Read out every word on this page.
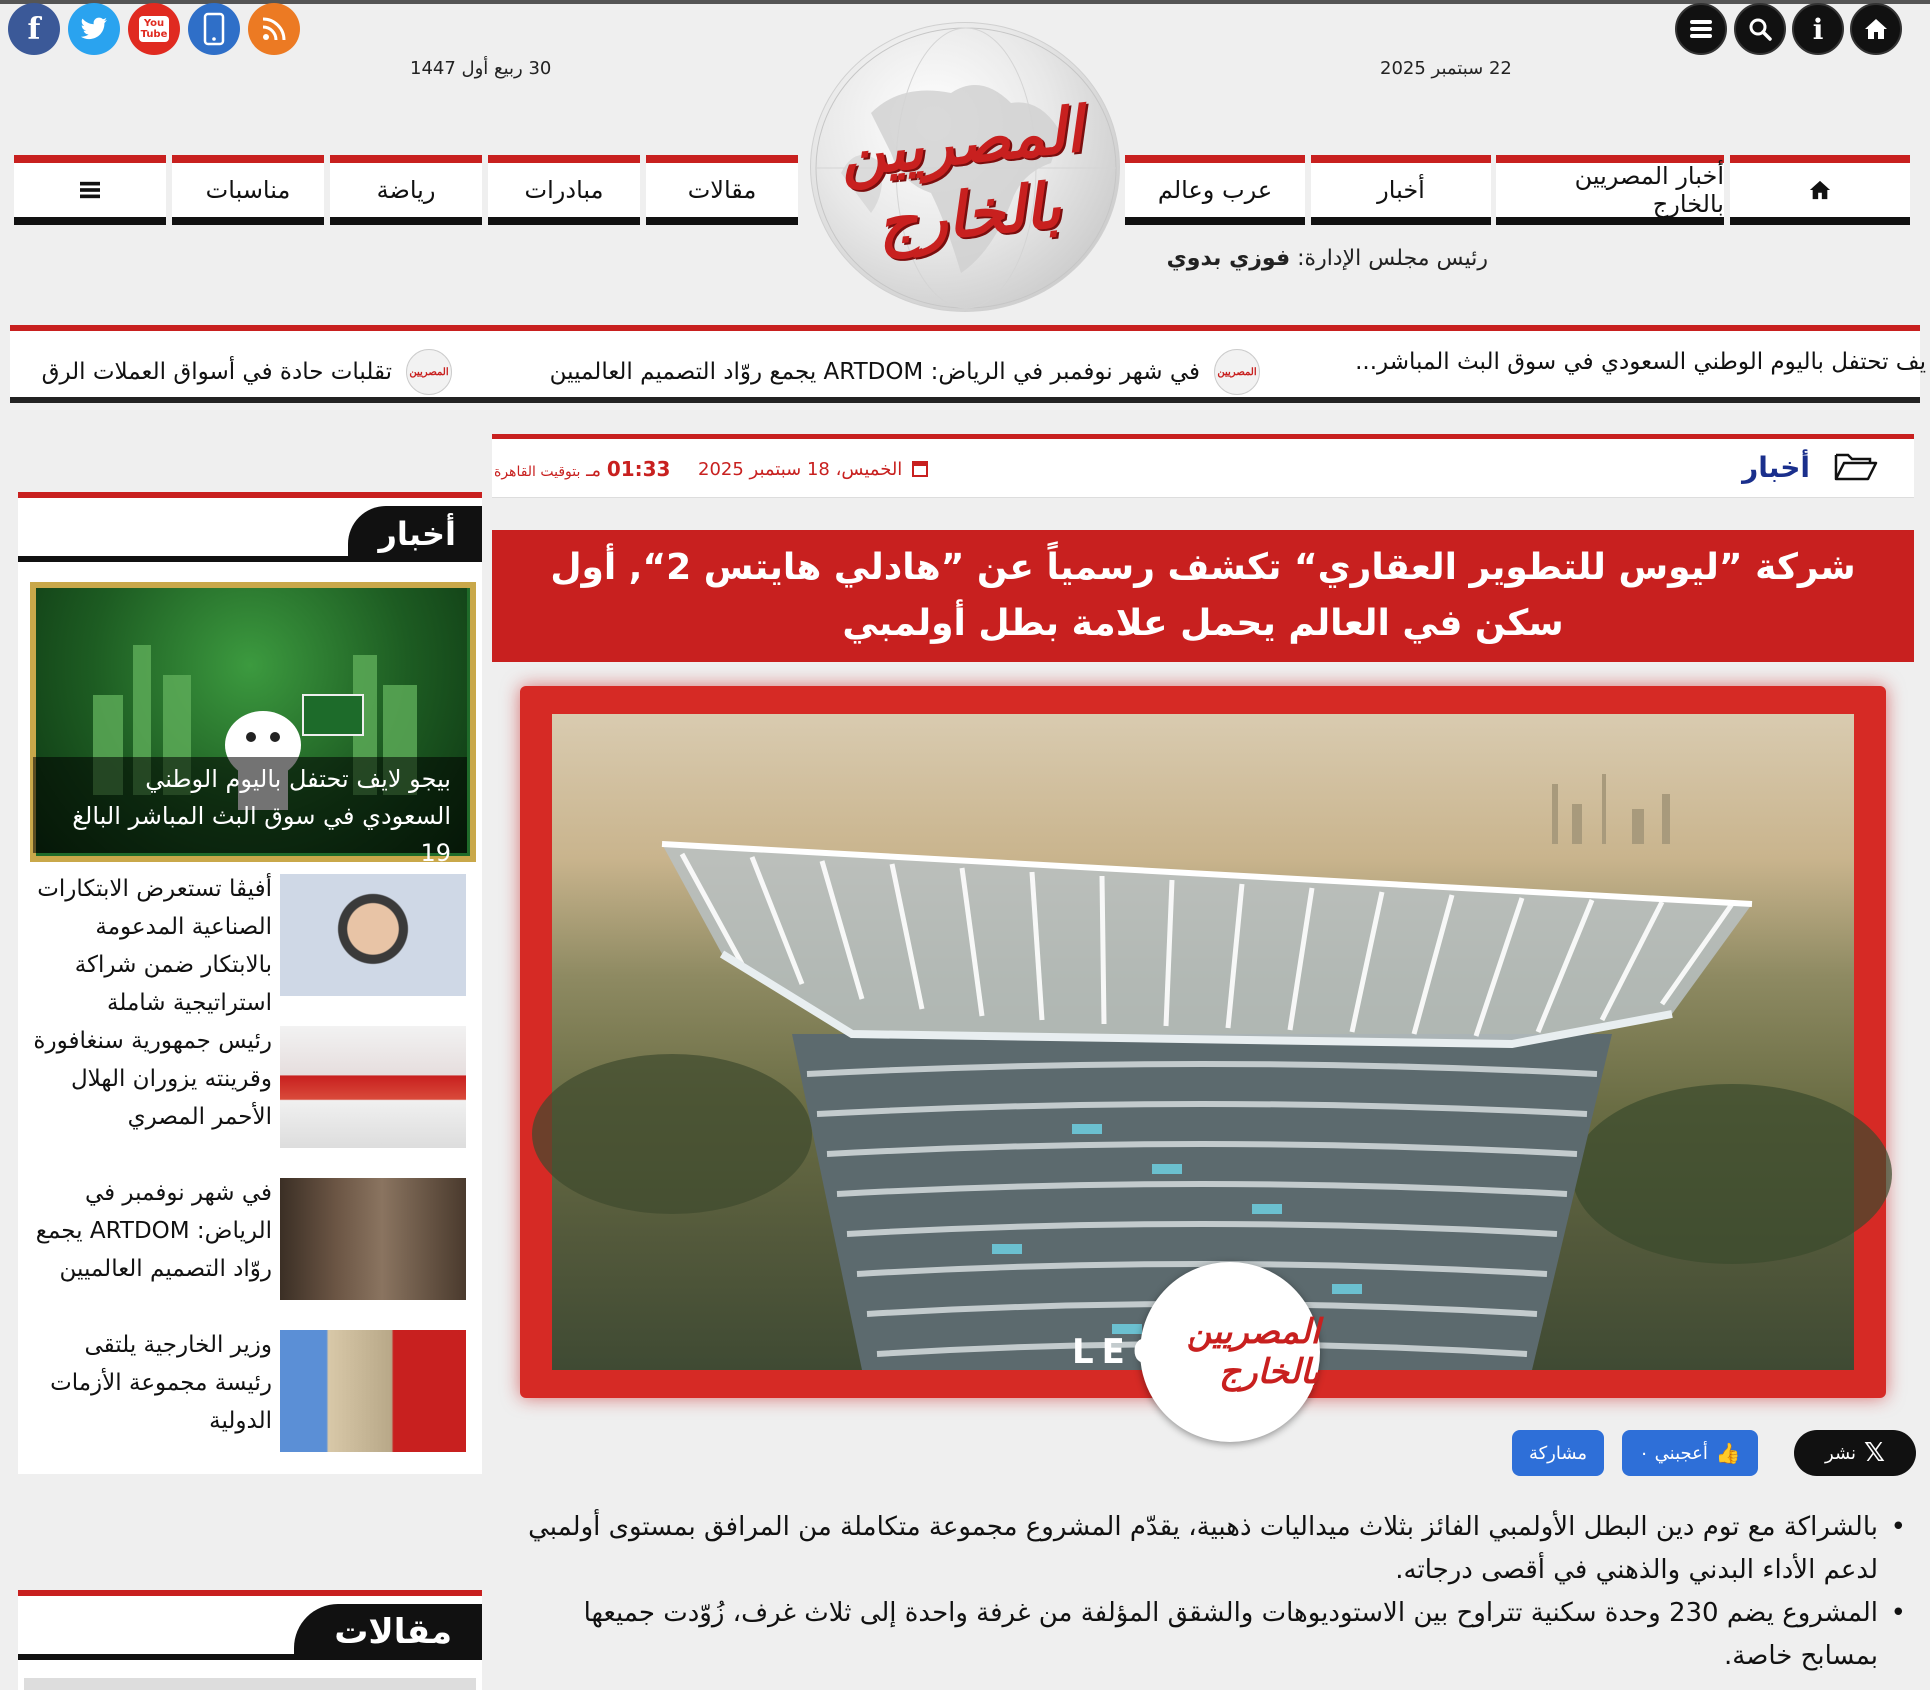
i
f	You Tube
22 سبتمبر 2025
30 ربيع أول 1447
المصريين بالخارج	أخبار المصريين بالخارج
أخبار
عرب وعالم
مقالات
مبادرات
رياضة
مناسبات
رئيس مجلس الإدارة: فوزي بدوي
يف تحتفل باليوم الوطني السعودي في سوق البث المباشر...
المصريين
في شهر نوفمبر في الرياض: ARTDOM يجمع روّاد التصميم العالميين
المصريين
تقلبات حادة في أسواق العملات الرق
أخبار
الخميس، 18 سبتمبر 2025
01:33 مـ بتوقيت القاهرة
شركة ”ليوس للتطوير العقاري“ تكشف رسمياً عن ”هادلي هايتس 2“, أول سكن في العالم يحمل علامة بطل أولمبي
المصريين بالخارج
LEOS
𝕏
نشر
👍
أعجبني ٠
مشاركة
• بالشراكة مع توم دين البطل الأولمبي الفائز بثلاث ميداليات ذهبية، يقدّم المشروع مجموعة متكاملة من المرافق بمستوى أولمبي لدعم الأداء البدني والذهني في أقصى درجاته.
• المشروع يضم 230 وحدة سكنية تتراوح بين الاستوديوهات والشقق المؤلفة من غرفة واحدة إلى ثلاث غرف، زُوّدت جميعها بمسابح خاصة.
أخبار
بيجو لايف تحتفل باليوم الوطني السعودي في سوق البث المباشر البالغ 19
أفيڤا تستعرض الابتكارات الصناعية المدعومة بالابتكار ضمن شراكة استراتيجية شاملة
رئيس جمهورية سنغافورة وقرينته يزوران الهلال الأحمر المصري
في شهر نوفمبر في الرياض: ARTDOM يجمع روّاد التصميم العالميين
وزير الخارجية يلتقى رئيسة مجموعة الأزمات الدولية
مقالات
